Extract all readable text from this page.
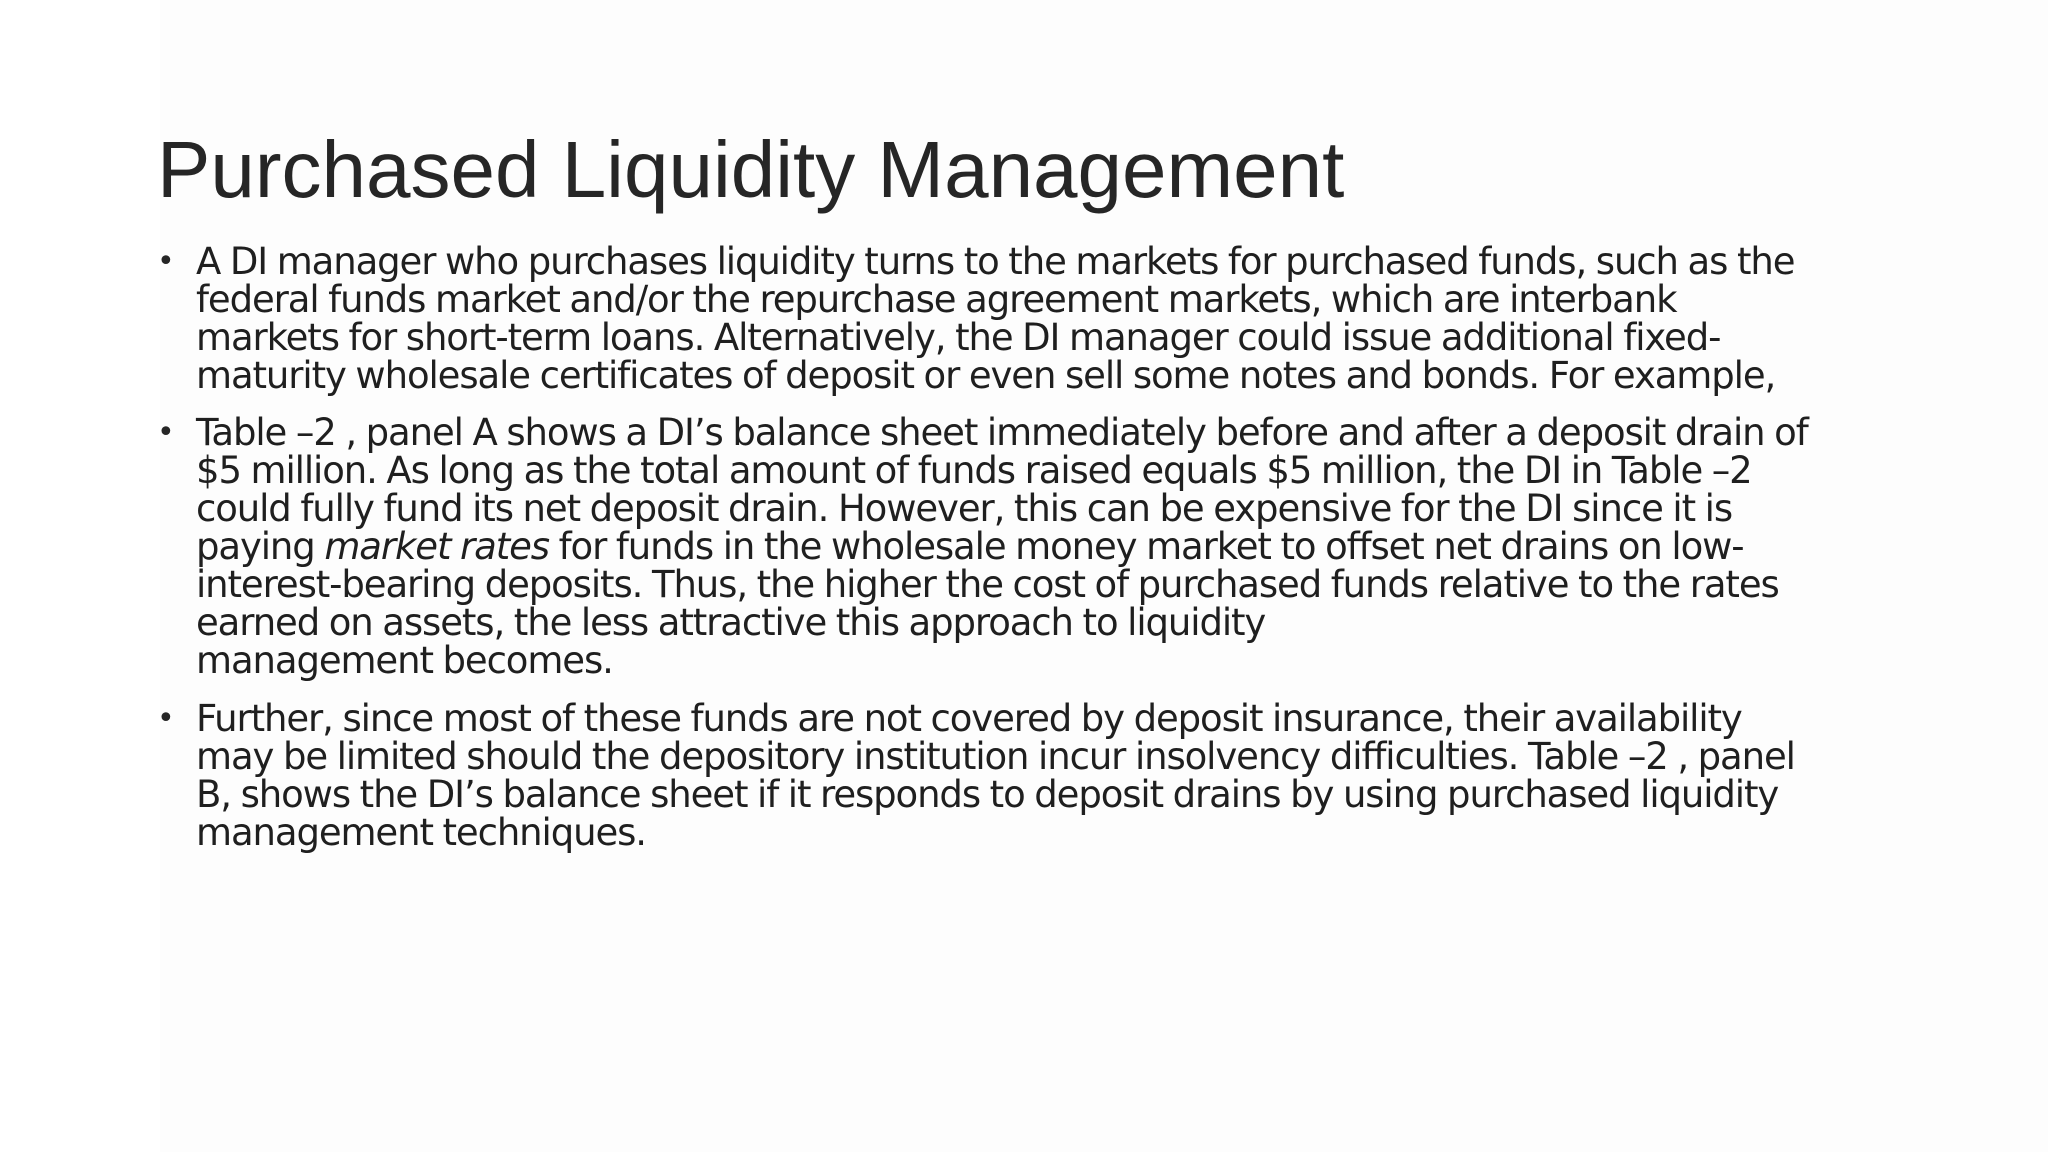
Purchased Liquidity Management
• A DI manager who purchases liquidity turns to the markets for purchased funds, such as the
federal funds market and/or the repurchase agreement markets, which are interbank
markets for short-term loans. Alternatively, the DI manager could issue additional fixed-
maturity wholesale certificates of deposit or even sell some notes and bonds. For example,

• Table –2 , panel A shows a DI’s balance sheet immediately before and after a deposit drain of
$5 million. As long as the total amount of funds raised equals $5 million, the DI in Table –2
could fully fund its net deposit drain. However, this can be expensive for the DI since it is
paying market rates for funds in the wholesale money market to offset net drains on low-
interest-bearing deposits. Thus, the higher the cost of purchased funds relative to the rates
earned on assets, the less attractive this approach to liquidity
management becomes.

• Further, since most of these funds are not covered by deposit insurance, their availability
may be limited should the depository institution incur insolvency difficulties. Table –2 , panel
B, shows the DI’s balance sheet if it responds to deposit drains by using purchased liquidity
management techniques.
